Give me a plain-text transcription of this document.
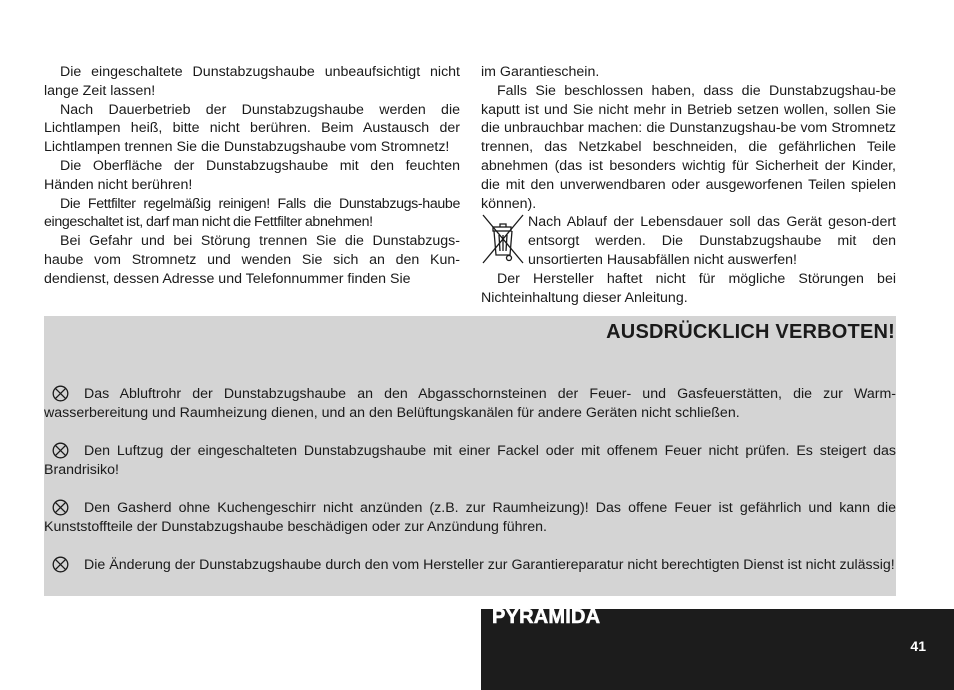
Die eingeschaltete Dunstabzugshaube unbeaufsichtigt nicht lange Zeit lassen!

Nach Dauerbetrieb der Dunstabzugshaube werden die Lichtlampen heiß, bitte nicht berühren. Beim Austausch der Lichtlampen trennen Sie die Dunstabzugshaube vom Stromnetz!

Die Oberfläche der Dunstabzugshaube mit den feuchten Händen nicht berühren!

Die Fettfilter regelmäßig reinigen! Falls die Dunstabzugs-haube eingeschaltet ist, darf man nicht die Fettfilter abnehmen!

Bei Gefahr und bei Störung trennen Sie die Dunstabzugs-haube vom Stromnetz und wenden Sie sich an den Kun-dendienst, dessen Adresse und Telefonnummer finden Sie

im Garantieschein.

Falls Sie beschlossen haben, dass die Dunstabzugshau-be kaputt ist und Sie nicht mehr in Betrieb setzen wollen, sollen Sie die unbrauchbar machen: die Dunstanzugshau-be vom Stromnetz trennen, das Netzkabel beschneiden, die gefährlichen Teile abnehmen (das ist besonders wichtig für Sicherheit der Kinder, die mit den unverwendbaren oder ausgeworfenen Teilen spielen können).

Nach Ablauf der Lebensdauer soll das Gerät geson-dert entsorgt werden. Die Dunstabzugshaube mit den unsortierten Hausabfällen nicht auswerfen!

Der Hersteller haftet nicht für mögliche Störungen bei Nichteinhaltung dieser Anleitung.

AUSDRÜCKLICH VERBOTEN!

Das Abluftrohr der Dunstabzugshaube an den Abgasschornsteinen der Feuer- und Gasfeuerstätten, die zur Warm-wasserbereitung und Raumheizung dienen, und an den Belüftungskanälen für andere Geräten nicht schließen.

Den Luftzug der eingeschalteten Dunstabzugshaube mit einer Fackel oder mit offenem Feuer nicht prüfen. Es steigert das Brandrisiko!

Den Gasherd ohne Kuchengeschirr nicht anzünden (z.B. zur Raumheizung)! Das offene Feuer ist gefährlich und kann die Kunststoffteile der Dunstabzugshaube beschädigen oder zur Anzündung führen.

Die Änderung der Dunstabzugshaube durch den vom Hersteller zur Garantiereparatur nicht berechtigten Dienst ist nicht zulässig!

PYRAMIDA
41
